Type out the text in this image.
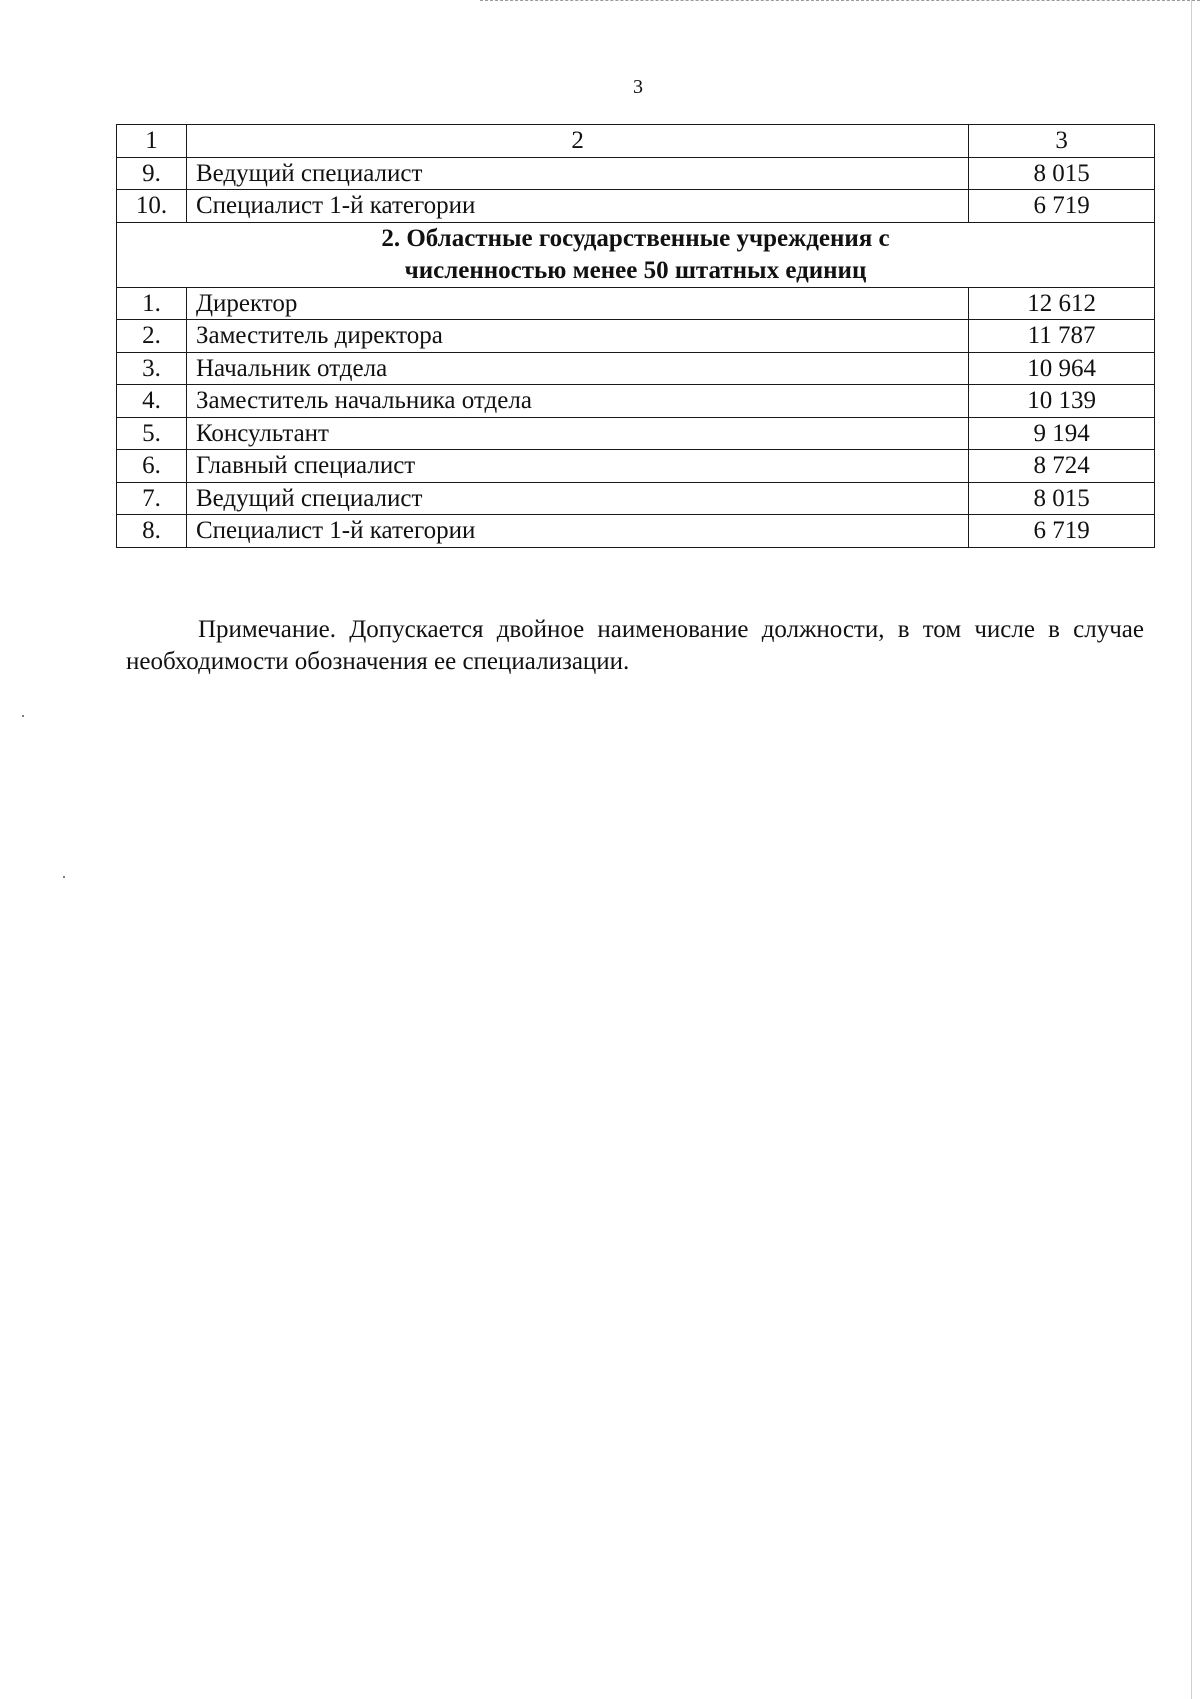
3
1	2	3
9.	Ведущий специалист	8 015
10.	Специалист 1-й категории	6 719
2. Областные государственные учреждения с
численностью менее 50 штатных единиц		
1.	Директор	12 612
2.	Заместитель директора	11 787
3.	Начальник отдела	10 964
4.	Заместитель начальника отдела	10 139
5.	Консультант	9 194
6.	Главный специалист	8 724
7.	Ведущий специалист	8 015
8.	Специалист 1-й категории	6 719

Примечание. Допускается двойное наименование должности, в том числе в случае необходимости обозначения ее специализации.
